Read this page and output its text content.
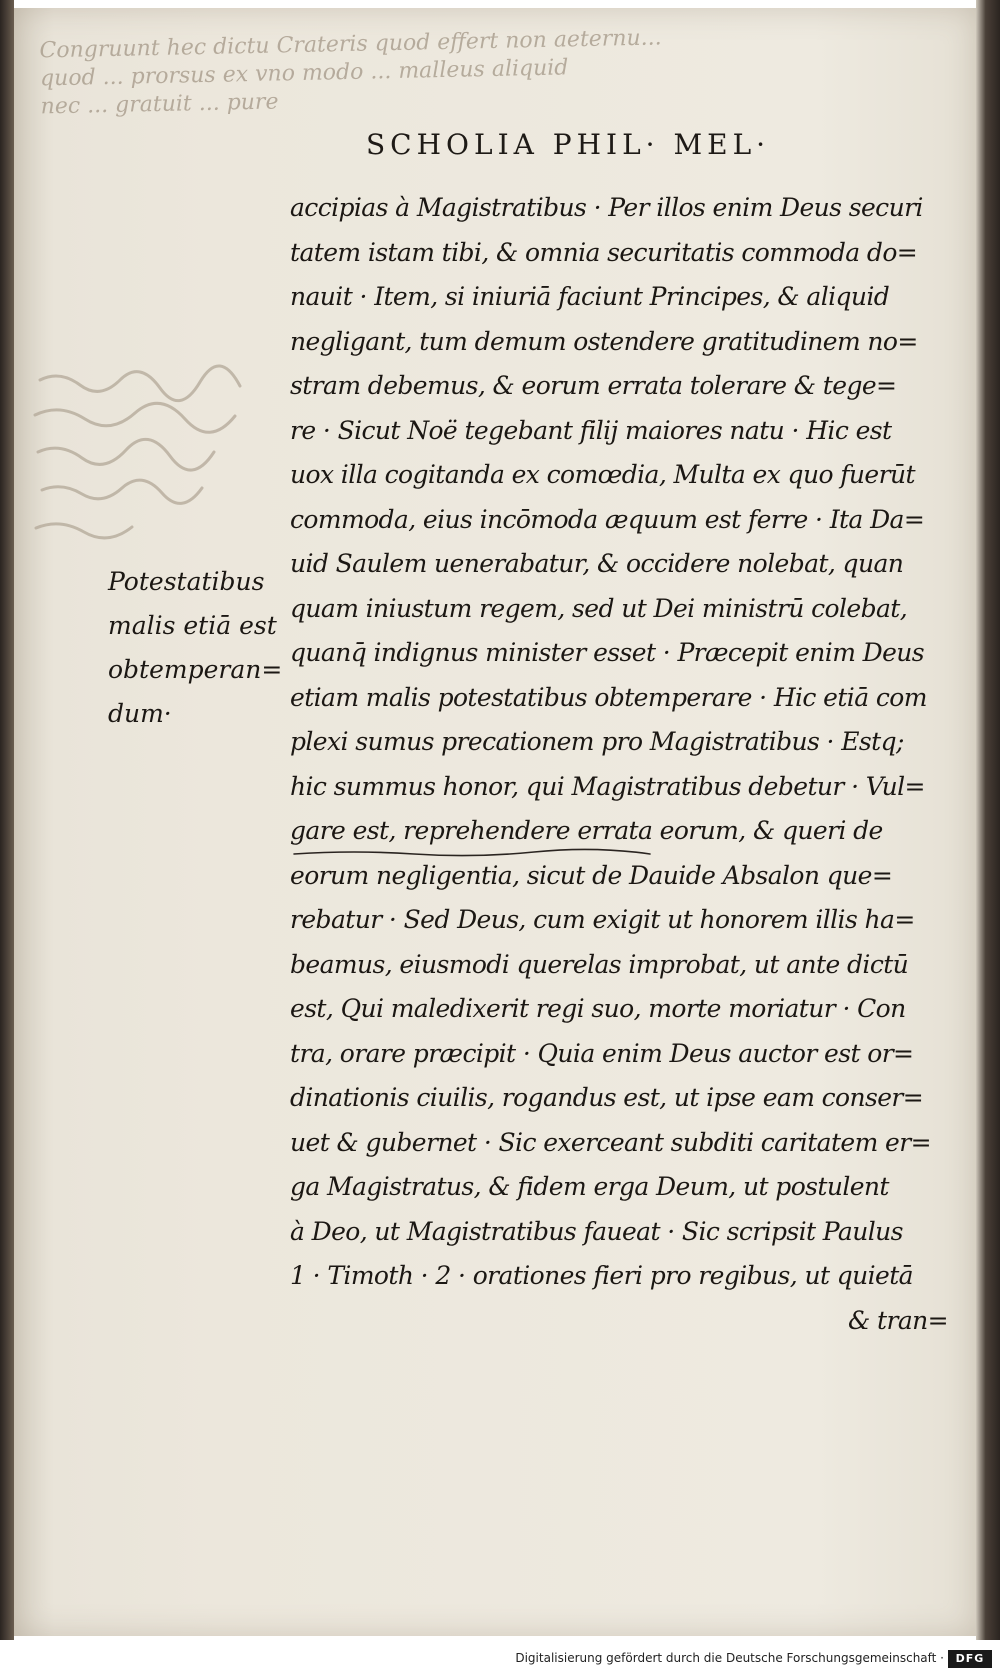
Congruunt hec dictu Crateris quod effert non aeternu...
quod ... prorsus ex vno modo ... malleus aliquid
nec ... gratuit ... pure
SCHOLIA PHIL· MEL·
accipias à Magistratibus · Per illos enim Deus securi
tatem istam tibi, & omnia securitatis commoda do=
nauit · Item, si iniuriā faciunt Principes, & aliquid
negligant, tum demum ostendere gratitudinem no=
stram debemus, & eorum errata tolerare & tege=
re · Sicut Noë tegebant filij maiores natu · Hic est
uox illa cogitanda ex comœdia, Multa ex quo fuerūt
commoda, eius incōmoda æquum est ferre · Ita Da=
uid Saulem uenerabatur, & occidere nolebat, quan
quam iniustum regem, sed ut Dei ministrū colebat,
quanq̄ indignus minister esset · Præcepit enim Deus
etiam malis potestatibus obtemperare · Hic etiā com
plexi sumus precationem pro Magistratibus · Estq;
hic summus honor, qui Magistratibus debetur · Vul=
gare est, reprehendere errata eorum, & queri de
eorum negligentia, sicut de Dauide Absalon que=
rebatur · Sed Deus, cum exigit ut honorem illis ha=
beamus, eiusmodi querelas improbat, ut ante dictū
est, Qui maledixerit regi suo, morte moriatur · Con
tra, orare præcipit · Quia enim Deus auctor est or=
dinationis ciuilis, rogandus est, ut ipse eam conser=
uet & gubernet · Sic exerceant subditi caritatem er=
ga Magistratus, & fidem erga Deum, ut postulent
à Deo, ut Magistratibus faueat · Sic scripsit Paulus
1 · Timoth · 2 · orationes fieri pro regibus, ut quietā
& tran=
Potestatibus
malis etiā est
obtemperan=
dum·
Digitalisierung gefördert durch die Deutsche Forschungsgemeinschaft ·	DFG
